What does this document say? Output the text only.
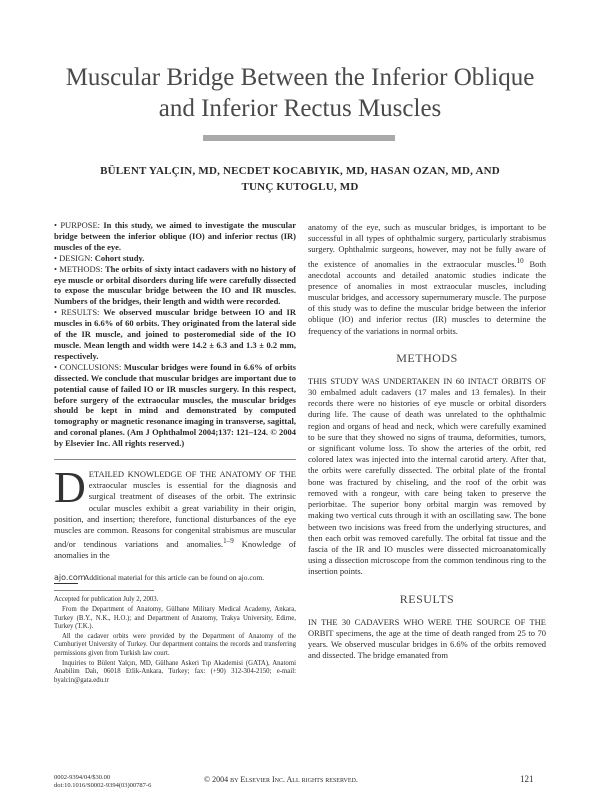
Muscular Bridge Between the Inferior Oblique
and Inferior Rectus Muscles
BÜLENT YALÇIN, MD, NECDET KOCABIYIK, MD, HASAN OZAN, MD, AND
TUNÇ KUTOGLU, MD

• PURPOSE: In this study, we aimed to investigate the muscular bridge between the inferior oblique (IO) and inferior rectus (IR) muscles of the eye.

• DESIGN: Cohort study.

• METHODS: The orbits of sixty intact cadavers with no history of eye muscle or orbital disorders during life were carefully dissected to expose the muscular bridge between the IO and IR muscles. Numbers of the bridges, their length and width were recorded.

• RESULTS: We observed muscular bridge between IO and IR muscles in 6.6% of 60 orbits. They originated from the lateral side of the IR muscle, and joined to posteromedial side of the IO muscle. Mean length and width were 14.2 ± 6.3 and 1.3 ± 0.2 mm, respectively.

• CONCLUSIONS: Muscular bridges were found in 6.6% of orbits dissected. We conclude that muscular bridges are important due to potential cause of failed IO or IR muscles surgery. In this respect, before surgery of the extraocular muscles, the muscular bridges should be kept in mind and demonstrated by computed tomography or magnetic resonance imaging in transverse, sagittal, and coronal planes. (Am J Ophthalmol 2004;137: 121–124. © 2004 by Elsevier Inc. All rights reserved.)

DETAILED KNOWLEDGE OF THE ANATOMY OF THE extraocular muscles is essential for the diagnosis and surgical treatment of diseases of the orbit. The extrinsic ocular muscles exhibit a great variability in their origin, position, and insertion; therefore, functional disturbances of the eye muscles are common. Reasons for congenital strabismus are muscular and/or tendinous variations and anomalies.$^{1-9}$ Knowledge of anomalies in the

ajo.com
Additional material for this article can be found on ajo.com.

Accepted for publication July 2, 2003.

From the Department of Anatomy, Gülhane Military Medical Academy, Ankara, Turkey (B.Y., N.K., H.O.); and Department of Anatomy, Trakya University, Edirne, Turkey (T.K.).

All the cadaver orbits were provided by the Department of Anatomy of the Cumhuriyet University of Turkey. Our department contains the records and transferring permissions given from Turkish law court.

Inquiries to Bülent Yalçın, MD, Gülhane Askeri Tıp Akademisi (GATA), Anatomi Anabilim Dalı, 06018 Etlik-Ankara, Turkey; fax: (+90) 312-304-2150; e-mail: byalcin@gata.edu.tr

anatomy of the eye, such as muscular bridges, is important to be successful in all types of ophthalmic surgery, particularly strabismus surgery. Ophthalmic surgeons, however, may not be fully aware of the existence of anomalies in the extraocular muscles.$^{10}$ Both anecdotal accounts and detailed anatomic studies indicate the presence of anomalies in most extraocular muscles, including muscular bridges, and accessory supernumerary muscle. The purpose of this study was to define the muscular bridge between the inferior oblique (IO) and inferior rectus (IR) muscles to determine the frequency of the variations in normal orbits.

METHODS

THIS STUDY WAS UNDERTAKEN IN 60 INTACT ORBITS OF 30 embalmed adult cadavers (17 males and 13 females). In their records there were no histories of eye muscle or orbital disorders during life. The cause of death was unrelated to the ophthalmic region and organs of head and neck, which were carefully examined to be sure that they showed no signs of trauma, deformities, tumors, or significant volume loss. To show the arteries of the orbit, red colored latex was injected into the internal carotid artery. After that, the orbits were carefully dissected. The orbital plate of the frontal bone was fractured by chiseling, and the roof of the orbit was removed with a rongeur, with care being taken to preserve the periorbitae. The superior bony orbital margin was removed by making two vertical cuts through it with an oscillating saw. The bone between two incisions was freed from the underlying structures, and then each orbit was removed carefully. The orbital fat tissue and the fascia of the IR and IO muscles were dissected microanatomically using a dissection microscope from the common tendinous ring to the insertion points.

RESULTS

IN THE 30 CADAVERS WHO WERE THE SOURCE OF THE ORBIT specimens, the age at the time of death ranged from 25 to 70 years. We observed muscular bridges in 6.6% of the orbits removed and dissected. The bridge emanated from

0002-9394/04/$30.00
doi:10.1016/S0002-9394(03)00787-6
© 2004 by Elsevier Inc. All rights reserved.	121
